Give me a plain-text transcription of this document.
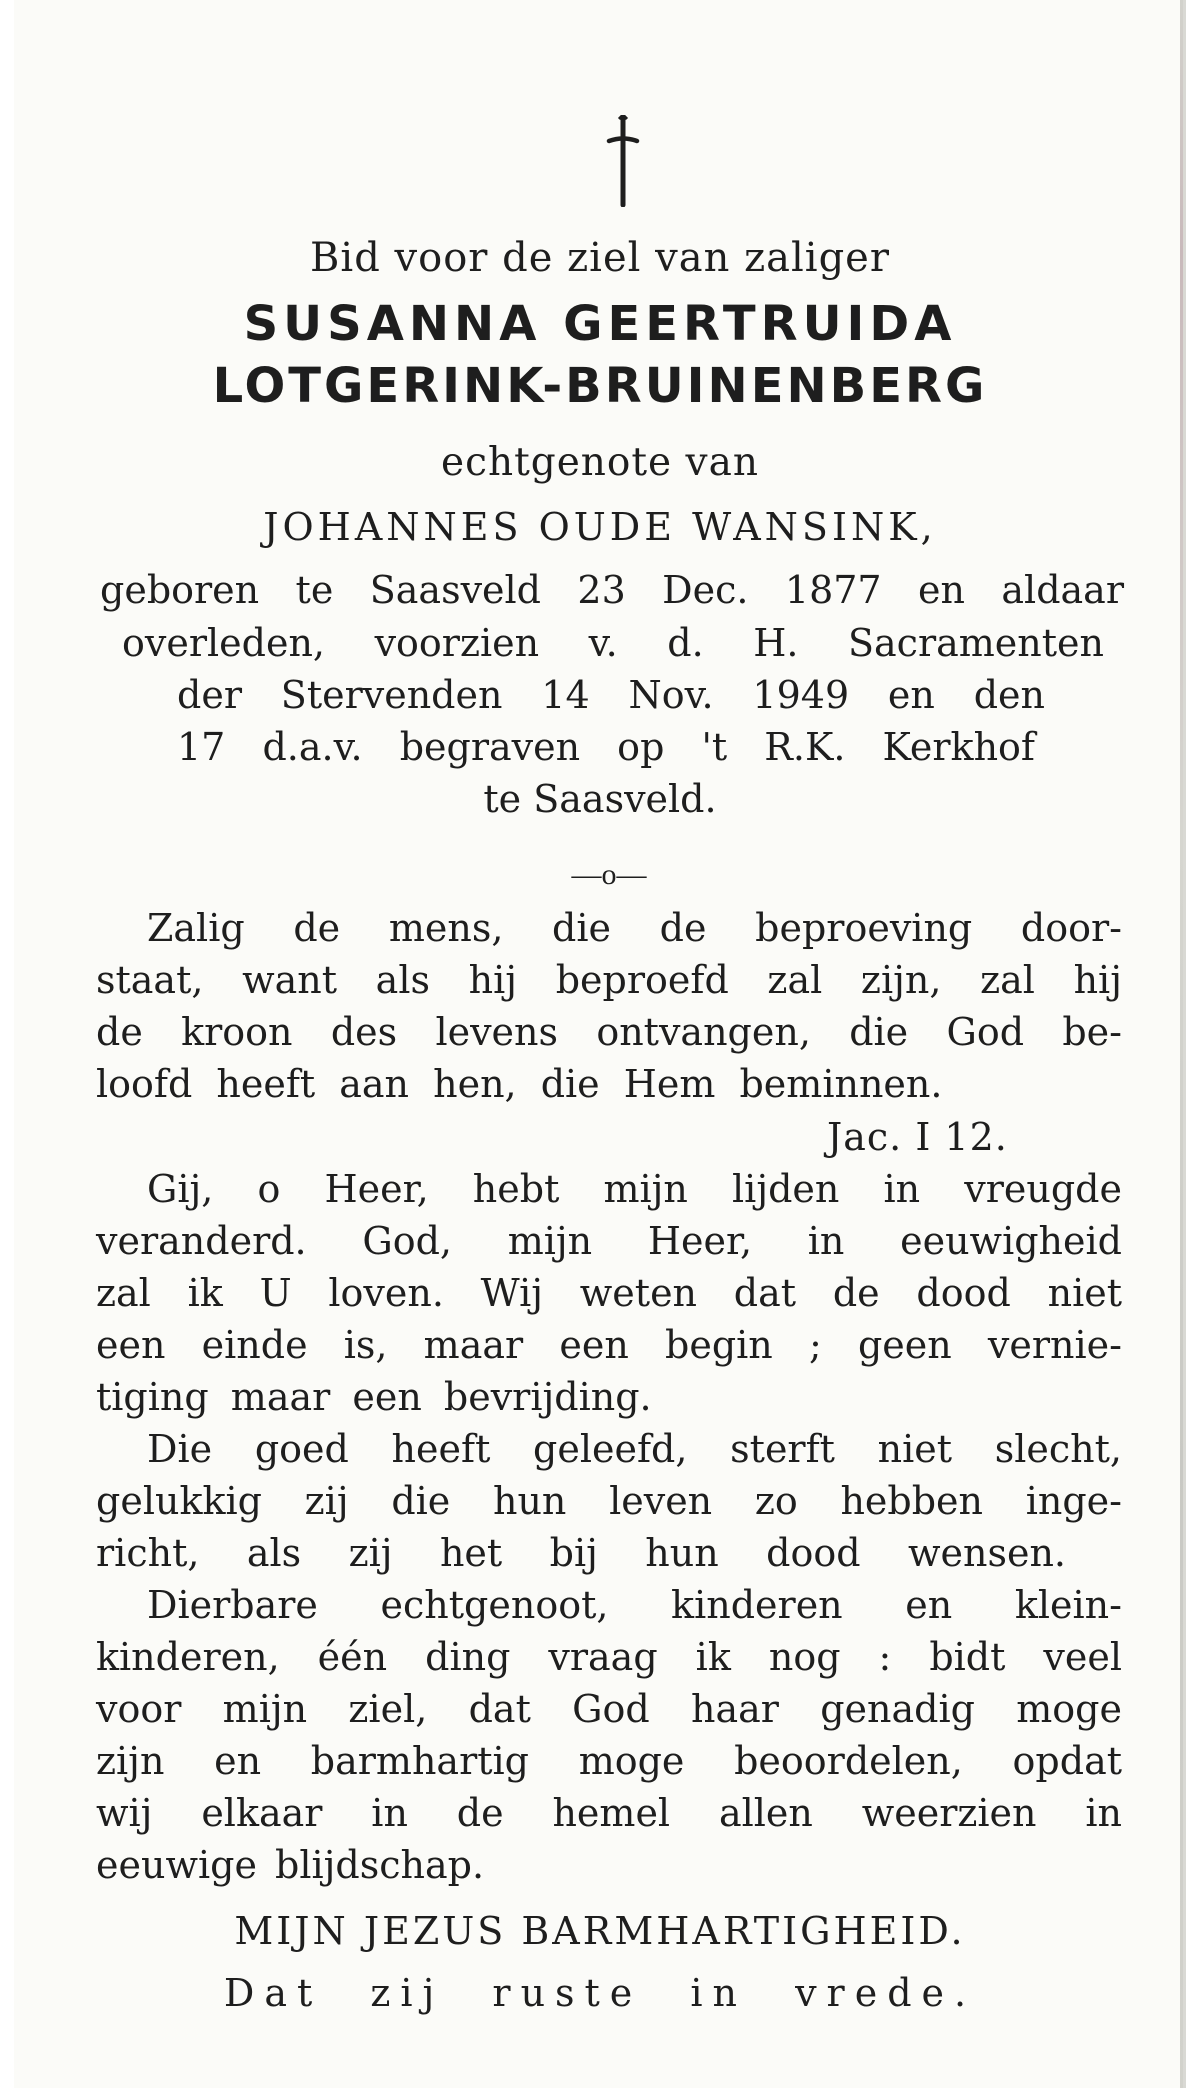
Bid voor de ziel van zaliger
SUSANNA GEERTRUIDA
LOTGERINK-BRUINENBERG
echtgenote van
JOHANNES OUDE WANSINK,
geboren te Saasveld 23 Dec. 1877 en aldaar
overleden, voorzien v. d. H. Sacramenten
der Stervenden 14 Nov. 1949 en den
17 d.a.v. begraven op 't R.K. Kerkhof
te Saasveld.
—o—
Zalig de mens, die de beproeving door-
staat, want als hij beproefd zal zijn, zal hij
de kroon des levens ontvangen, die God be-
loofd heeft aan hen, die Hem beminnen.
Jac. I 12.
Gij, o Heer, hebt mijn lijden in vreugde
veranderd. God, mijn Heer, in eeuwigheid
zal ik U loven. Wij weten dat de dood niet
een einde is, maar een begin ; geen vernie-
tiging maar een bevrijding.
Die goed heeft geleefd, sterft niet slecht,
gelukkig zij die hun leven zo hebben inge-
richt, als zij het bij hun dood wensen.
Dierbare echtgenoot, kinderen en klein-
kinderen, één ding vraag ik nog : bidt veel
voor mijn ziel, dat God haar genadig moge
zijn en barmhartig moge beoordelen, opdat
wij elkaar in de hemel allen weerzien in
eeuwige blijdschap.
MIJN JEZUS BARMHARTIGHEID.
Dat zij ruste in vrede.
